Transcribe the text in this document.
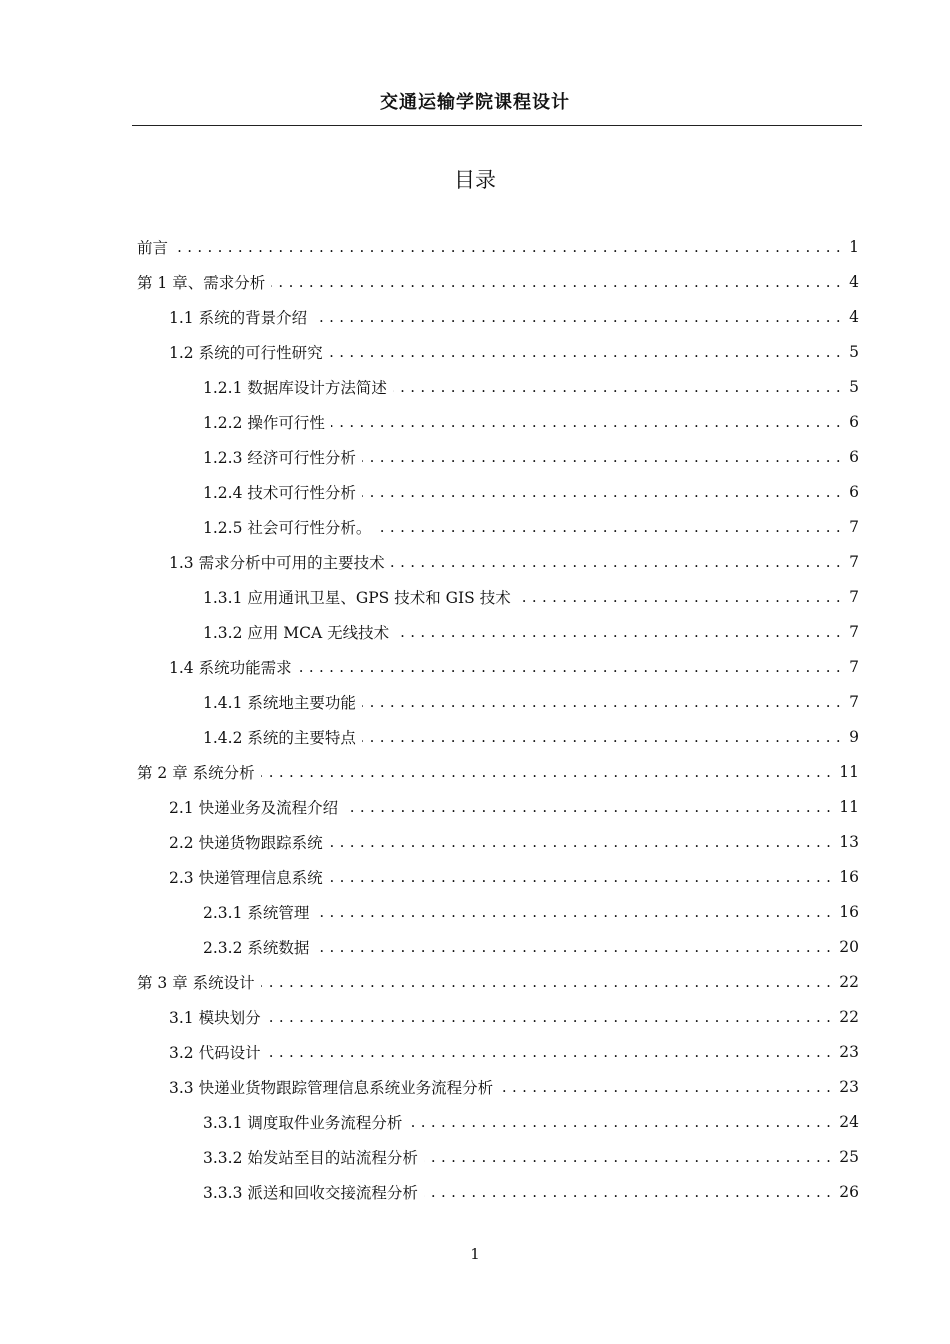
交通运输学院课程设计
目录
前言 . . .	1
第 1 章、需求分析 . . .	4
1.1 系统的背景介绍 . . .	4
1.2 系统的可行性研究 . . .	5
1.2.1 数据库设计方法简述 . . .	5
1.2.2 操作可行性 . . .	6
1.2.3 经济可行性分析 . . .	6
1.2.4 技术可行性分析 . . .	6
1.2.5 社会可行性分析。 . . .	7
1.3 需求分析中可用的主要技术 . . .	7
1.3.1 应用通讯卫星、GPS 技术和 GIS 技术 . . .	7
1.3.2 应用 MCA 无线技术 . . .	7
1.4 系统功能需求 . . .	7
1.4.1 系统地主要功能 . . .	7
1.4.2 系统的主要特点 . . .	9
第 2 章 系统分析 . . .	11
2.1 快递业务及流程介绍 . . .	11
2.2 快递货物跟踪系统 . . .	13
2.3 快递管理信息系统 . . .	16
2.3.1 系统管理 . . .	16
2.3.2 系统数据 . . .	20
第 3 章 系统设计 . . .	22
3.1 模块划分 . . .	22
3.2 代码设计 . . .	23
3.3 快递业货物跟踪管理信息系统业务流程分析 . . .	23
3.3.1 调度取件业务流程分析 . . .	24
3.3.2 始发站至目的站流程分析 . . .	25
3.3.3 派送和回收交接流程分析 . . .	26
1
